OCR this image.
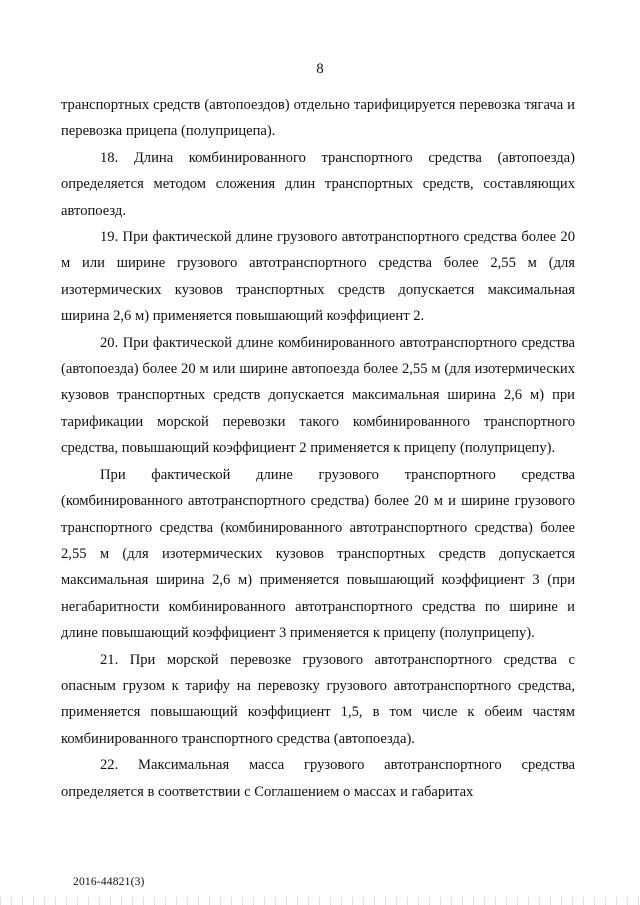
8

транспортных средств (автопоездов) отдельно тарифицируется перевозка тягача и перевозка прицепа (полуприцепа).

18. Длина комбинированного транспортного средства (автопоезда) определяется методом сложения длин транспортных средств, составляющих автопоезд.

19. При фактической длине грузового автотранспортного средства более 20 м или ширине грузового автотранспортного средства более 2,55 м (для изотермических кузовов транспортных средств допускается максимальная ширина 2,6 м) применяется повышающий коэффициент 2.

20. При фактической длине комбинированного автотранспортного средства (автопоезда) более 20 м или ширине автопоезда более 2,55 м (для изотермических кузовов транспортных средств допускается максимальная ширина 2,6 м) при тарификации морской перевозки такого комбинированного транспортного средства, повышающий коэффициент 2 применяется к прицепу (полуприцепу).

При фактической длине грузового транспортного средства (комбинированного автотранспортного средства) более 20 м и ширине грузового транспортного средства (комбинированного автотранспортного средства) более 2,55 м (для изотермических кузовов транспортных средств допускается максимальная ширина 2,6 м) применяется повышающий коэффициент 3 (при негабаритности комбинированного автотранспортного средства по ширине и длине повышающий коэффициент 3 применяется к прицепу (полуприцепу).

21. При морской перевозке грузового автотранспортного средства с опасным грузом к тарифу на перевозку грузового автотранспортного средства, применяется повышающий коэффициент 1,5, в том числе к обеим частям комбинированного транспортного средства (автопоезда).

22. Максимальная масса грузового автотранспортного средства определяется в соответствии с Соглашением о массах и габаритах

2016-44821(3)
